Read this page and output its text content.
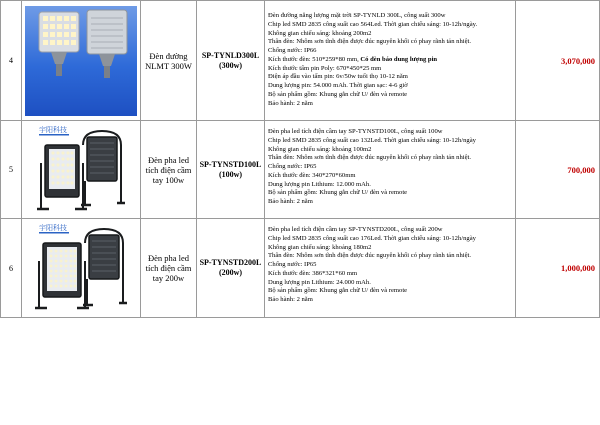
4	Đèn đường
NLMT 300W
SP-TYNLD300L
(300w)
Đèn đường năng lượng mặt trời SP-TYNLD 300L, công suất 300w
Chip led SMD 2835 công suất cao 564Led. Thời gian chiếu sáng: 10-12h/ngày.
Không gian chiếu sáng: khoảng 200m2
Thân đèn: Nhôm sơn tĩnh điện được đúc nguyên khối có phay rãnh tản nhiệt.
Chống nước: IP66
Kích thước đèn: 510*259*80 mm, Có đèn báo dung lượng pin
Kích thước tấm pin Poly: 670*450*25 mm
Điện áp đầu vào tấm pin: 6v/50w tuổi thọ 10-12 năm
Dung lượng pin: 54.000 mAh. Thời gian sạc: 4-6 giờ
Bộ sản phẩm gồm: Khung gắn chữ U/ đèn và remote
Bảo hành: 2 năm
3,070,000
5
宇阳科技
Đèn pha led
tích điện cầm
tay 100w
SP-TYNSTD100L
(100w)
Đèn pha led tích điện cầm tay SP-TYNSTD100L, công suất 100w
Chip led SMD 2835 công suất cao 132Led. Thời gian chiếu sáng: 10-12h/ngày
Không gian chiếu sáng: khoảng 100m2
Thân đèn: Nhôm sơn tĩnh điện được đúc nguyên khối có phay rãnh tản nhiệt.
Chống nước: IP65
Kích thước đèn: 340*270*60mm
Dung lượng pin Lithium: 12.000 mAh.
Bộ sản phẩm gồm: Khung gắn chữ U/ đèn và remote
Bảo hành: 2 năm
700,000
6
宇阳科技
Đèn pha led
tích điện cầm
tay 200w
SP-TYNSTD200L
(200w)
Đèn pha led tích điện cầm tay SP-TYNSTD200L, công suất 200w
Chip led SMD 2835 công suất cao 176Led. Thời gian chiếu sáng: 10-12h/ngày
Không gian chiếu sáng: khoảng 180m2
Thân đèn: Nhôm sơn tĩnh điện được đúc nguyên khối có phay rãnh tản nhiệt.
Chống nước: IP65
Kích thước đèn: 386*321*60 mm
Dung lượng pin Lithium: 24.000 mAh.
Bộ sản phẩm gồm: Khung gắn chữ U/ đèn và remote
Bảo hành: 2 năm
1,000,000
